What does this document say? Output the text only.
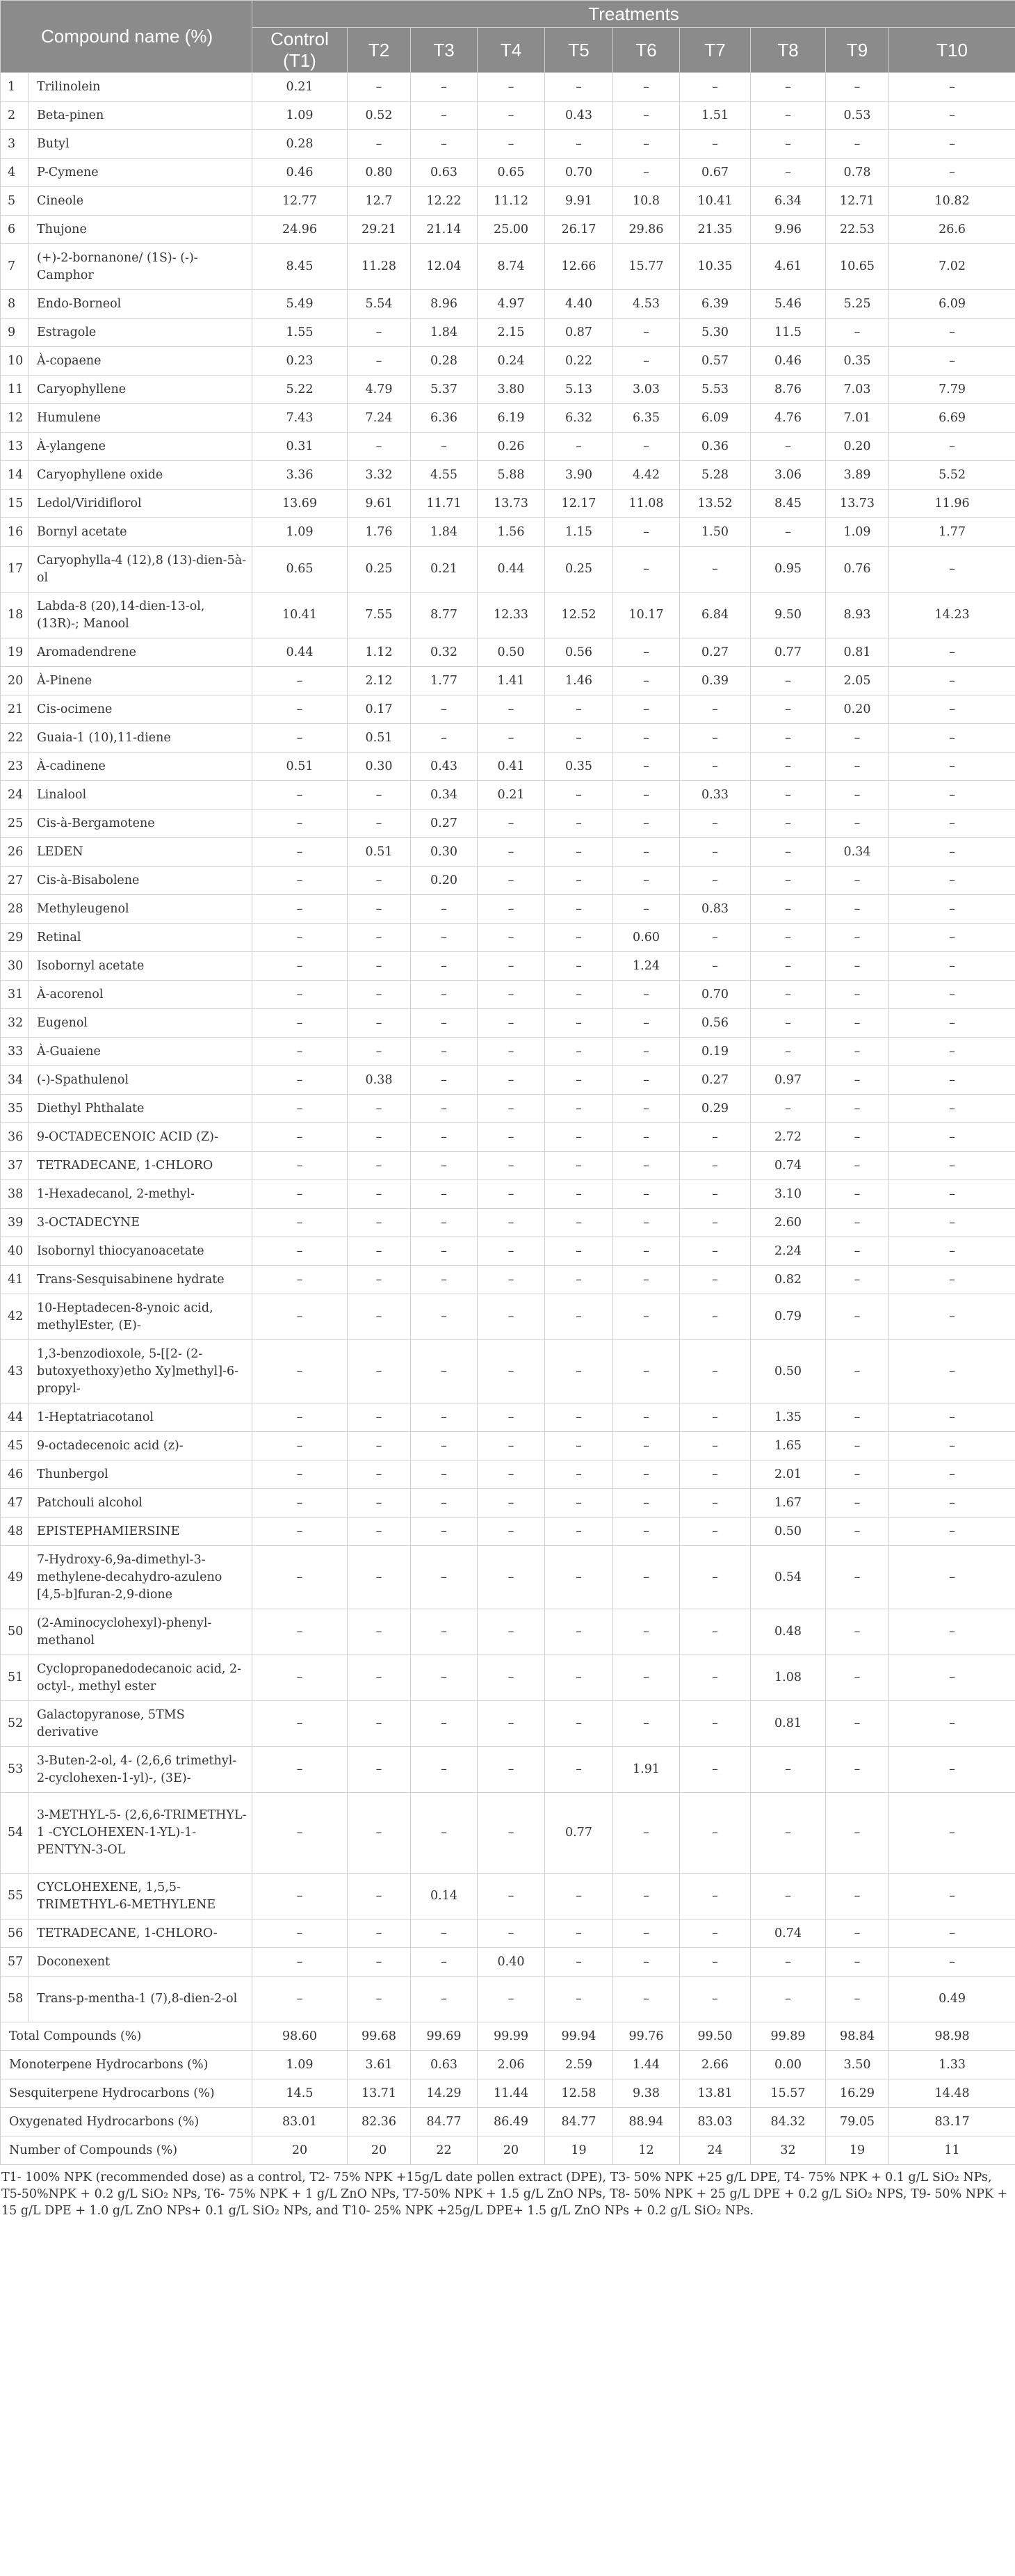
Compound name (%)		Treatments									
		Control (T1)	T2	T3	T4	T5	T6	T7	T8	T9	T10
1	Trilinolein	0.21	–	–	–	–	–	–	–	–	–
2	Beta-pinen	1.09	0.52	–	–	0.43	–	1.51	–	0.53	–
3	Butyl	0.28	–	–	–	–	–	–	–	–	–
4	P-Cymene	0.46	0.80	0.63	0.65	0.70	–	0.67	–	0.78	–
5	Cineole	12.77	12.7	12.22	11.12	9.91	10.8	10.41	6.34	12.71	10.82
6	Thujone	24.96	29.21	21.14	25.00	26.17	29.86	21.35	9.96	22.53	26.6
7	(+)-2-bornanone/ (1S)- (-)-Camphor	8.45	11.28	12.04	8.74	12.66	15.77	10.35	4.61	10.65	7.02
8	Endo-Borneol	5.49	5.54	8.96	4.97	4.40	4.53	6.39	5.46	5.25	6.09
9	Estragole	1.55	–	1.84	2.15	0.87	–	5.30	11.5	–	–
10	À-copaene	0.23	–	0.28	0.24	0.22	–	0.57	0.46	0.35	–
11	Caryophyllene	5.22	4.79	5.37	3.80	5.13	3.03	5.53	8.76	7.03	7.79
12	Humulene	7.43	7.24	6.36	6.19	6.32	6.35	6.09	4.76	7.01	6.69
13	À-ylangene	0.31	–	–	0.26	–	–	0.36	–	0.20	–
14	Caryophyllene oxide	3.36	3.32	4.55	5.88	3.90	4.42	5.28	3.06	3.89	5.52
15	Ledol/Viridiflorol	13.69	9.61	11.71	13.73	12.17	11.08	13.52	8.45	13.73	11.96
16	Bornyl acetate	1.09	1.76	1.84	1.56	1.15	–	1.50	–	1.09	1.77
17	Caryophylla-4 (12),8 (13)-dien-5à-ol	0.65	0.25	0.21	0.44	0.25	–	–	0.95	0.76	–
18	Labda-8 (20),14-dien-13-ol, (13R)-; Manool	10.41	7.55	8.77	12.33	12.52	10.17	6.84	9.50	8.93	14.23
19	Aromadendrene	0.44	1.12	0.32	0.50	0.56	–	0.27	0.77	0.81	–
20	À-Pinene	–	2.12	1.77	1.41	1.46	–	0.39	–	2.05	–
21	Cis-ocimene	–	0.17	–	–	–	–	–	–	0.20	–
22	Guaia-1 (10),11-diene	–	0.51	–	–	–	–	–	–	–	–
23	À-cadinene	0.51	0.30	0.43	0.41	0.35	–	–	–	–	–
24	Linalool	–	–	0.34	0.21	–	–	0.33	–	–	–
25	Cis-à-Bergamotene	–	–	0.27	–	–	–	–	–	–	–
26	LEDEN	–	0.51	0.30	–	–	–	–	–	0.34	–
27	Cis-à-Bisabolene	–	–	0.20	–	–	–	–	–	–	–
28	Methyleugenol	–	–	–	–	–	–	0.83	–	–	–
29	Retinal	–	–	–	–	–	0.60	–	–	–	–
30	Isobornyl acetate	–	–	–	–	–	1.24	–	–	–	–
31	À-acorenol	–	–	–	–	–	–	0.70	–	–	–
32	Eugenol	–	–	–	–	–	–	0.56	–	–	–
33	À-Guaiene	–	–	–	–	–	–	0.19	–	–	–
34	(-)-Spathulenol	–	0.38	–	–	–	–	0.27	0.97	–	–
35	Diethyl Phthalate	–	–	–	–	–	–	0.29	–	–	–
36	9-OCTADECENOIC ACID (Z)-	–	–	–	–	–	–	–	2.72	–	–
37	TETRADECANE, 1-CHLORO	–	–	–	–	–	–	–	0.74	–	–
38	1-Hexadecanol, 2-methyl-	–	–	–	–	–	–	–	3.10	–	–
39	3-OCTADECYNE	–	–	–	–	–	–	–	2.60	–	–
40	Isobornyl thiocyanoacetate	–	–	–	–	–	–	–	2.24	–	–
41	Trans-Sesquisabinene hydrate	–	–	–	–	–	–	–	0.82	–	–
42	10-Heptadecen-8-ynoic acid, methylEster, (E)-	–	–	–	–	–	–	–	0.79	–	–
43	1,3-benzodioxole, 5-[[2- (2-butoxyethoxy)etho Xy]methyl]-6-propyl-	–	–	–	–	–	–	–	0.50	–	–
44	1-Heptatriacotanol	–	–	–	–	–	–	–	1.35	–	–
45	9-octadecenoic acid (z)-	–	–	–	–	–	–	–	1.65	–	–
46	Thunbergol	–	–	–	–	–	–	–	2.01	–	–
47	Patchouli alcohol	–	–	–	–	–	–	–	1.67	–	–
48	EPISTEPHAMIERSINE	–	–	–	–	–	–	–	0.50	–	–
49	7-Hydroxy-6,9a-dimethyl-3-methylene-decahydro-azuleno [4,5-b]furan-2,9-dione	–	–	–	–	–	–	–	0.54	–	–
50	(2-Aminocyclohexyl)-phenyl-methanol	–	–	–	–	–	–	–	0.48	–	–
51	Cyclopropanedodecanoic acid, 2-octyl-, methyl ester	–	–	–	–	–	–	–	1.08	–	–
52	Galactopyranose, 5TMS derivative	–	–	–	–	–	–	–	0.81	–	–
53	3-Buten-2-ol, 4- (2,6,6 trimethyl-2-cyclohexen-1-yl)-, (3E)-	–	–	–	–	–	1.91	–	–	–	–
54	3-METHYL-5- (2,6,6-TRIMETHYL-1 -CYCLOHEXEN-1-YL)-1-PENTYN-3-OL	–	–	–	–	0.77	–	–	–	–	–
55	CYCLOHEXENE, 1,5,5-TRIMETHYL-6-METHYLENE	–	–	0.14	–	–	–	–	–	–	–
56	TETRADECANE, 1-CHLORO-	–	–	–	–	–	–	–	0.74	–	–
57	Doconexent	–	–	–	0.40	–	–	–	–	–	–
58	Trans-p-mentha-1 (7),8-dien-2-ol	–	–	–	–	–	–	–	–	–	0.49
Total Compounds (%)		98.60	99.68	99.69	99.99	99.94	99.76	99.50	99.89	98.84	98.98
Monoterpene Hydrocarbons (%)		1.09	3.61	0.63	2.06	2.59	1.44	2.66	0.00	3.50	1.33
Sesquiterpene Hydrocarbons (%)		14.5	13.71	14.29	11.44	12.58	9.38	13.81	15.57	16.29	14.48
Oxygenated Hydrocarbons (%)		83.01	82.36	84.77	86.49	84.77	88.94	83.03	84.32	79.05	83.17
Number of Compounds (%)		20	20	22	20	19	12	24	32	19	11
T1- 100% NPK (recommended dose) as a control, T2- 75% NPK +15g/L date pollen extract (DPE), T3- 50% NPK +25 g/L DPE, T4- 75% NPK + 0.1 g/L SiO₂ NPs, T5-50%NPK + 0.2 g/L SiO₂ NPs, T6- 75% NPK + 1 g/L ZnO NPs, T7-50% NPK + 1.5 g/L ZnO NPs, T8- 50% NPK + 25 g/L DPE + 0.2 g/L SiO₂ NPS, T9- 50% NPK + 15 g/L DPE + 1.0 g/L ZnO NPs+ 0.1 g/L SiO₂ NPs, and T10- 25% NPK +25g/L DPE+ 1.5 g/L ZnO NPs + 0.2 g/L SiO₂ NPs.
